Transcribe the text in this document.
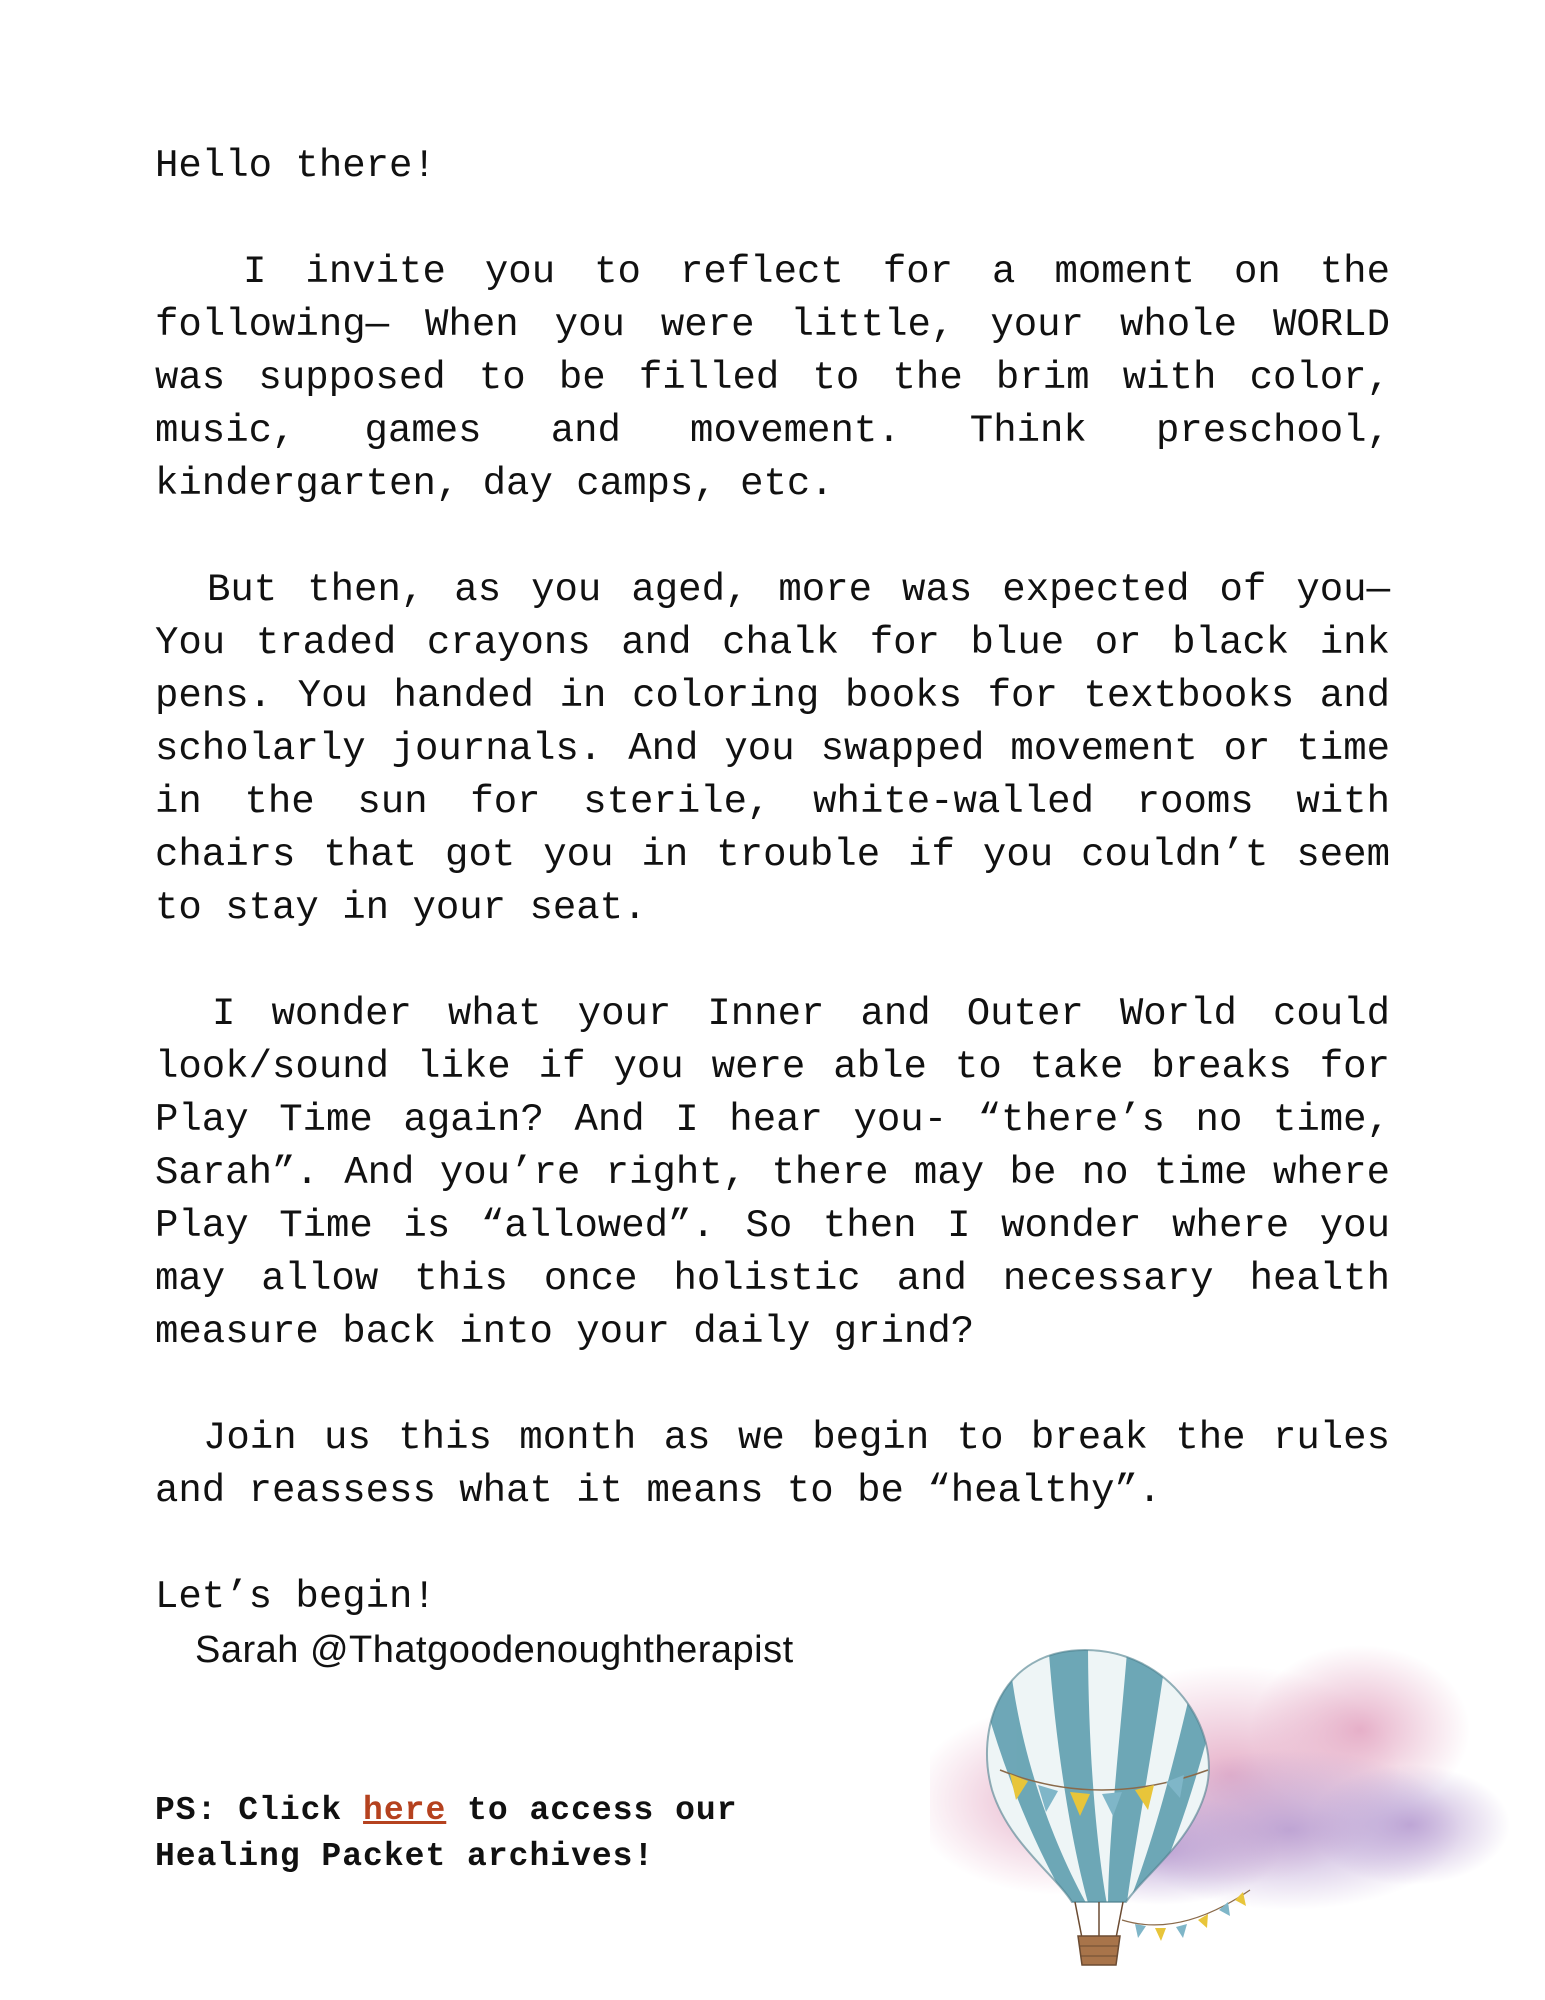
Hello there!

I invite you to reflect for a moment on the following— When you were little, your whole WORLD was supposed to be filled to the brim with color, music, games and movement. Think preschool, kindergarten, day camps, etc.

But then, as you aged, more was expected of you— You traded crayons and chalk for blue or black ink pens. You handed in coloring books for textbooks and scholarly journals. And you swapped movement or time in the sun for sterile, white-walled rooms with chairs that got you in trouble if you couldn’t seem to stay in your seat.

I wonder what your Inner and Outer World could look/sound like if you were able to take breaks for Play Time again? And I hear you- “there’s no time, Sarah”. And you’re right, there may be no time where Play Time is “allowed”. So then I wonder where you may allow this once holistic and necessary health measure back into your daily grind?

Join us this month as we begin to break the rules and reassess what it means to be “healthy”.

Let’s begin!

Sarah @Thatgoodenoughtherapist

PS: Click here to access our
Healing Packet archives!
